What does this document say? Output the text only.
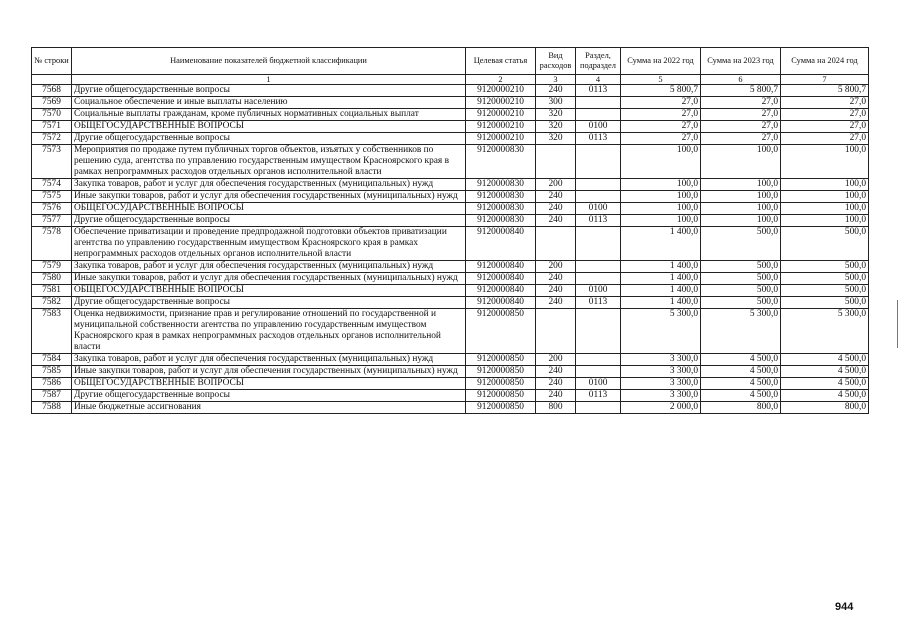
№ строки	Наименование показателей бюджетной классификации	Целевая статья	Вид расходов	Раздел, подраздел	Сумма на 2022 год	Сумма на 2023 год	Сумма на 2024 год
	1	2	3	4	5	6	7
7568	Другие общегосударственные вопросы	9120000210	240	0113	5 800,7	5 800,7	5 800,7
7569	Социальное обеспечение и иные выплаты населению	9120000210	300		27,0	27,0	27,0
7570	Социальные выплаты гражданам, кроме публичных нормативных социальных выплат	9120000210	320		27,0	27,0	27,0
7571	ОБЩЕГОСУДАРСТВЕННЫЕ ВОПРОСЫ	9120000210	320	0100	27,0	27,0	27,0
7572	Другие общегосударственные вопросы	9120000210	320	0113	27,0	27,0	27,0
7573	Мероприятия по продаже путем публичных торгов объектов, изъятых у собственников по решению суда, агентства по управлению государственным имуществом Красноярского края в рамках непрограммных расходов отдельных органов исполнительной власти	9120000830			100,0	100,0	100,0
7574	Закупка товаров, работ и услуг для обеспечения государственных (муниципальных) нужд	9120000830	200		100,0	100,0	100,0
7575	Иные закупки товаров, работ и услуг для обеспечения государственных (муниципальных) нужд	9120000830	240		100,0	100,0	100,0
7576	ОБЩЕГОСУДАРСТВЕННЫЕ ВОПРОСЫ	9120000830	240	0100	100,0	100,0	100,0
7577	Другие общегосударственные вопросы	9120000830	240	0113	100,0	100,0	100,0
7578	Обеспечение приватизации и проведение предпродажной подготовки объектов приватизации агентства по управлению государственным имуществом Красноярского края в рамках непрограммных расходов отдельных органов исполнительной власти	9120000840			1 400,0	500,0	500,0
7579	Закупка товаров, работ и услуг для обеспечения государственных (муниципальных) нужд	9120000840	200		1 400,0	500,0	500,0
7580	Иные закупки товаров, работ и услуг для обеспечения государственных (муниципальных) нужд	9120000840	240		1 400,0	500,0	500,0
7581	ОБЩЕГОСУДАРСТВЕННЫЕ ВОПРОСЫ	9120000840	240	0100	1 400,0	500,0	500,0
7582	Другие общегосударственные вопросы	9120000840	240	0113	1 400,0	500,0	500,0
7583	Оценка недвижимости, признание прав и регулирование отношений по государственной и муниципальной собственности агентства по управлению государственным имуществом Красноярского края в рамках непрограммных расходов отдельных органов исполнительной власти	9120000850			5 300,0	5 300,0	5 300,0
7584	Закупка товаров, работ и услуг для обеспечения государственных (муниципальных) нужд	9120000850	200		3 300,0	4 500,0	4 500,0
7585	Иные закупки товаров, работ и услуг для обеспечения государственных (муниципальных) нужд	9120000850	240		3 300,0	4 500,0	4 500,0
7586	ОБЩЕГОСУДАРСТВЕННЫЕ ВОПРОСЫ	9120000850	240	0100	3 300,0	4 500,0	4 500,0
7587	Другие общегосударственные вопросы	9120000850	240	0113	3 300,0	4 500,0	4 500,0
7588	Иные бюджетные ассигнования	9120000850	800		2 000,0	800,0	800,0
944
